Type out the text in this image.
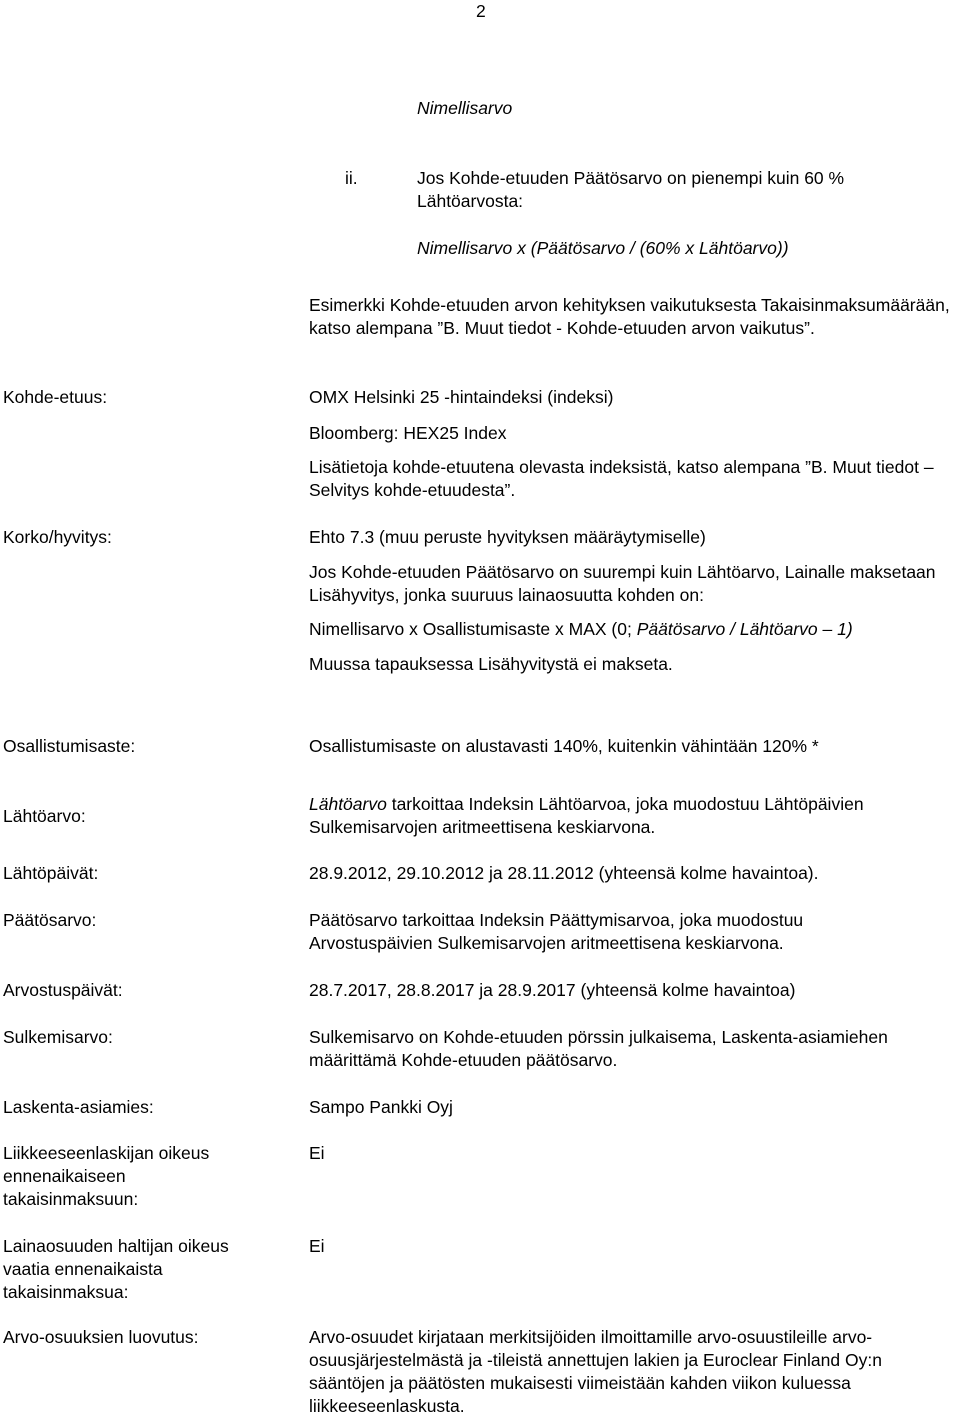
2
Nimellisarvo
ii.	Jos Kohde-etuuden Päätösarvo on pienempi kuin 60 % Lähtöarvosta:
Nimellisarvo x (Päätösarvo / (60% x Lähtöarvo))
Esimerkki Kohde-etuuden arvon kehityksen vaikutuksesta Takaisinmaksumäärään, katso alempana ”B. Muut tiedot - Kohde-etuuden arvon vaikutus”.
Kohde-etuus:	OMX Helsinki 25 -hintaindeksi (indeksi)
Bloomberg: HEX25 Index
Lisätietoja kohde-etuutena olevasta indeksistä, katso alempana ”B. Muut tiedot – Selvitys kohde-etuudesta”.
Korko/hyvitys:	Ehto 7.3 (muu peruste hyvityksen määräytymiselle)
Jos Kohde-etuuden Päätösarvo on suurempi kuin Lähtöarvo, Lainalle maksetaan Lisähyvitys, jonka suuruus lainaosuutta kohden on:
Nimellisarvo x Osallistumisaste x MAX (0; Päätösarvo / Lähtöarvo – 1)
Muussa tapauksessa Lisähyvitystä ei makseta.
Osallistumisaste:	Osallistumisaste on alustavasti 140%, kuitenkin vähintään 120% *
Lähtöarvo:
Lähtöarvo tarkoittaa Indeksin Lähtöarvoa, joka muodostuu Lähtöpäivien Sulkemisarvojen aritmeettisena keskiarvona.
Lähtöpäivät:	28.9.2012, 29.10.2012 ja 28.11.2012 (yhteensä kolme havaintoa).
Päätösarvo:	Päätösarvo tarkoittaa Indeksin Päättymisarvoa, joka muodostuu Arvostuspäivien Sulkemisarvojen aritmeettisena keskiarvona.
Arvostuspäivät:	28.7.2017, 28.8.2017 ja 28.9.2017 (yhteensä kolme havaintoa)
Sulkemisarvo:	Sulkemisarvo on Kohde-etuuden pörssin julkaisema, Laskenta-asiamiehen määrittämä Kohde-etuuden päätösarvo.
Laskenta-asiamies:	Sampo Pankki Oyj
Liikkeeseenlaskijan oikeus ennenaikaiseen takaisinmaksuun:
Ei
Lainaosuuden haltijan oikeus vaatia ennenaikaista takaisinmaksua:
Ei
Arvo-osuuksien luovutus:	Arvo-osuudet kirjataan merkitsijöiden ilmoittamille arvo-osuustileille arvo-osuusjärjestelmästä ja -tileistä annettujen lakien ja Euroclear Finland Oy:n sääntöjen ja päätösten mukaisesti viimeistään kahden viikon kuluessa liikkeeseenlaskusta.
